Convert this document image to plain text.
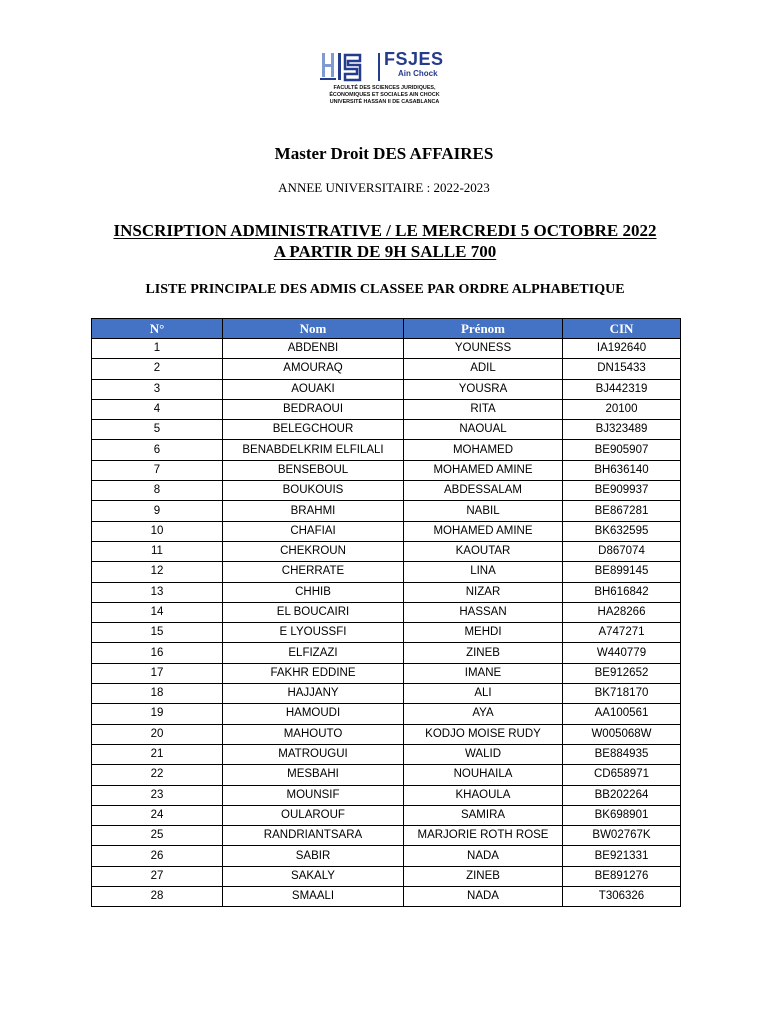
FSJES
Ain Chock
FACULTÉ DES SCIENCES JURIDIQUES,
ÉCONOMIQUES ET SOCIALES AIN CHOCK
UNIVERSITÉ HASSAN II DE CASABLANCA
Master Droit DES AFFAIRES
ANNEE UNIVERSITAIRE : 2022-2023
INSCRIPTION ADMINISTRATIVE / LE MERCREDI 5 OCTOBRE 2022
A PARTIR DE 9H SALLE 700
LISTE PRINCIPALE DES ADMIS CLASSEE PAR ORDRE ALPHABETIQUE
N°	Nom	Prénom	CIN
1	ABDENBI	YOUNESS	IA192640
2	AMOURAQ	ADIL	DN15433
3	AOUAKI	YOUSRA	BJ442319
4	BEDRAOUI	RITA	20100
5	BELEGCHOUR	NAOUAL	BJ323489
6	BENABDELKRIM ELFILALI	MOHAMED	BE905907
7	BENSEBOUL	MOHAMED AMINE	BH636140
8	BOUKOUIS	ABDESSALAM	BE909937
9	BRAHMI	NABIL	BE867281
10	CHAFIAI	MOHAMED AMINE	BK632595
11	CHEKROUN	KAOUTAR	D867074
12	CHERRATE	LINA	BE899145
13	CHHIB	NIZAR	BH616842
14	EL BOUCAIRI	HASSAN	HA28266
15	E LYOUSSFI	MEHDI	A747271
16	ELFIZAZI	ZINEB	W440779
17	FAKHR EDDINE	IMANE	BE912652
18	HAJJANY	ALI	BK718170
19	HAMOUDI	AYA	AA100561
20	MAHOUTO	KODJO MOISE RUDY	W005068W
21	MATROUGUI	WALID	BE884935
22	MESBAHI	NOUHAILA	CD658971
23	MOUNSIF	KHAOULA	BB202264
24	OULAROUF	SAMIRA	BK698901
25	RANDRIANTSARA	MARJORIE ROTH ROSE	BW02767K
26	SABIR	NADA	BE921331
27	SAKALY	ZINEB	BE891276
28	SMAALI	NADA	T306326
